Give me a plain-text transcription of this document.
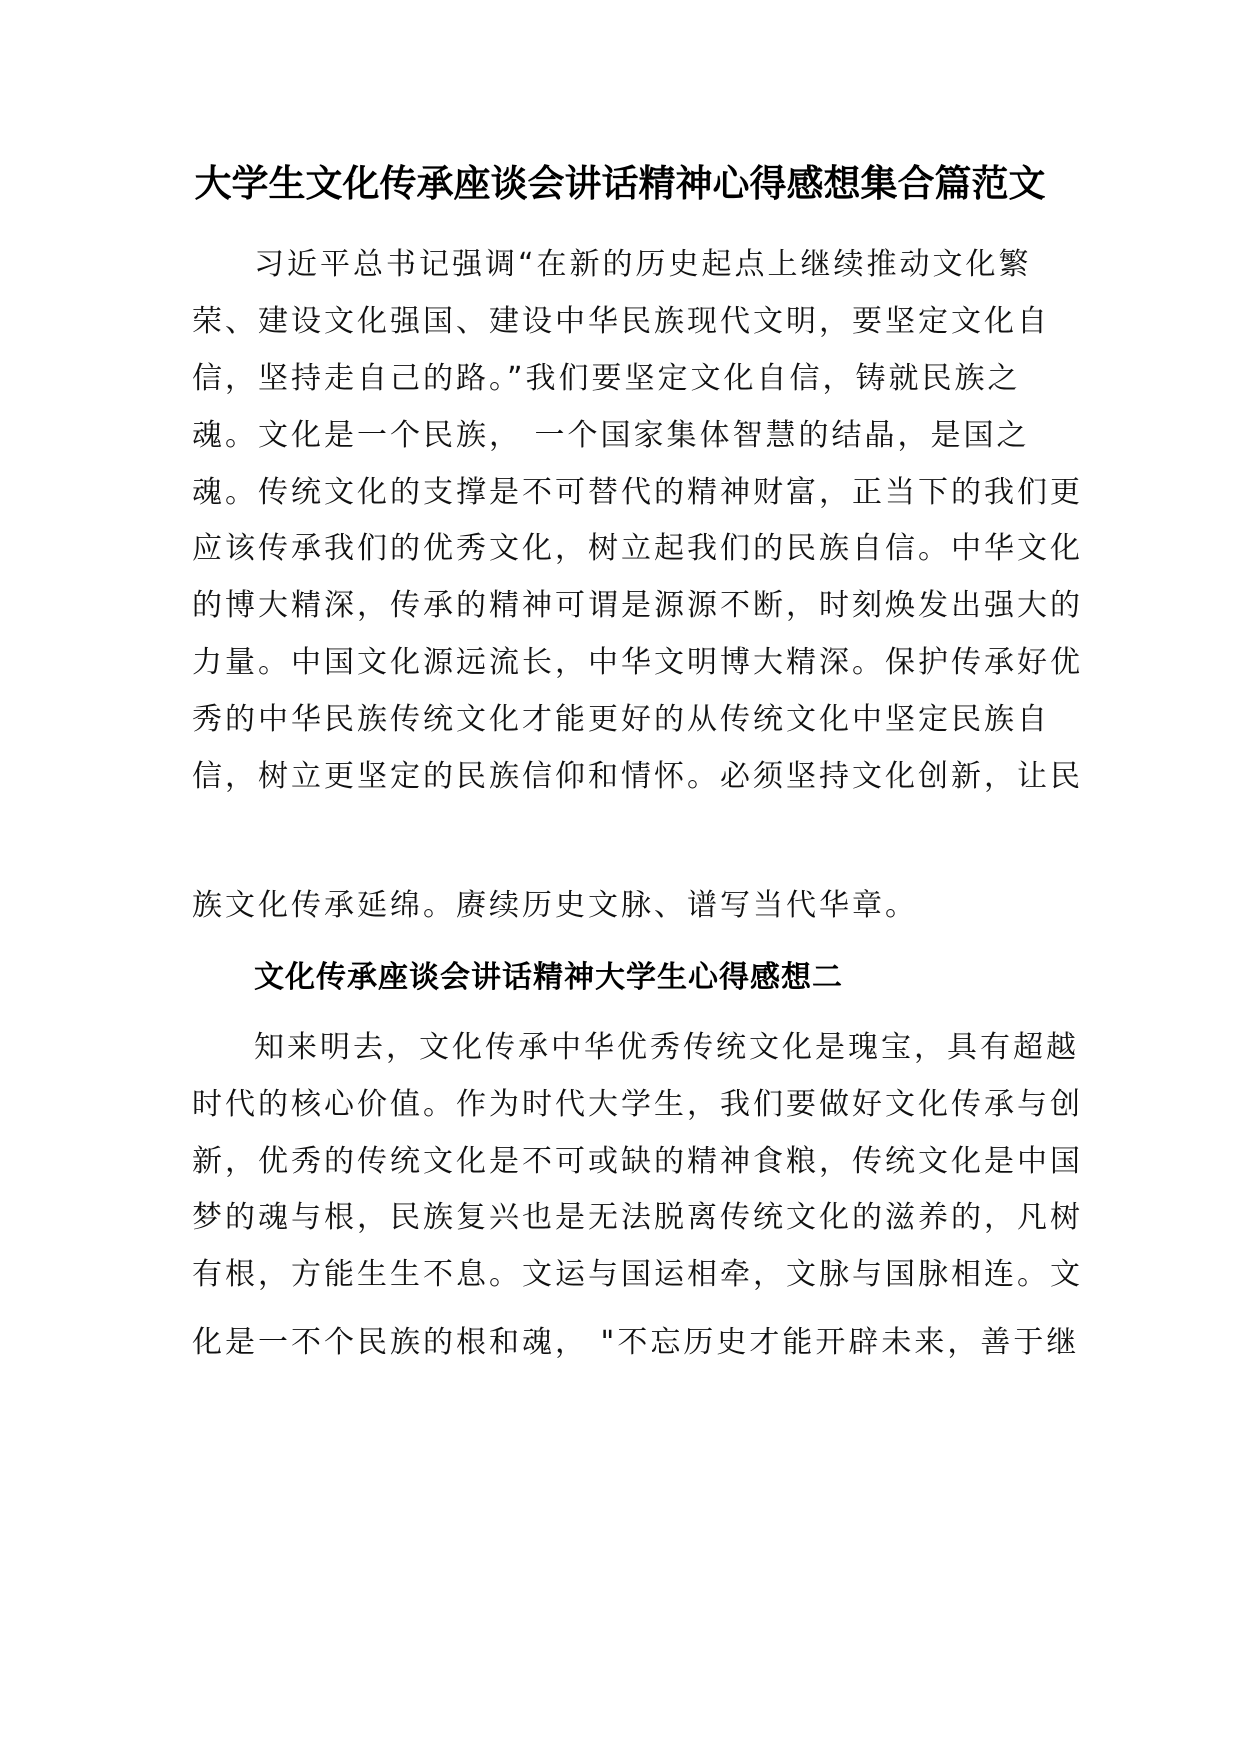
大学生文化传承座谈会讲话精神心得感想集合篇范文

习近平总书记强调“在新的历史起点上继续推动文化繁

荣、建设文化强国、建设中华民族现代文明，要坚定文化自

信，坚持走自己的路。”我们要坚定文化自信，铸就民族之

魂。文化是一个民族， 一个国家集体智慧的结晶，是国之

魂。传统文化的支撑是不可替代的精神财富，正当下的我们更

应该传承我们的优秀文化，树立起我们的民族自信。中华文化

的博大精深，传承的精神可谓是源源不断，时刻焕发出强大的

力量。中国文化源远流长，中华文明博大精深。保护传承好优

秀的中华民族传统文化才能更好的从传统文化中坚定民族自

信，树立更坚定的民族信仰和情怀。必须坚持文化创新，让民

族文化传承延绵。赓续历史文脉、谱写当代华章。

文化传承座谈会讲话精神大学生心得感想二

知来明去，文化传承中华优秀传统文化是瑰宝，具有超越

时代的核心价值。作为时代大学生，我们要做好文化传承与创

新，优秀的传统文化是不可或缺的精神食粮，传统文化是中国

梦的魂与根，民族复兴也是无法脱离传统文化的滋养的，凡树

有根，方能生生不息。文运与国运相牵，文脉与国脉相连。文

化是一不个民族的根和魂， "不忘历史才能开辟未来，善于继
